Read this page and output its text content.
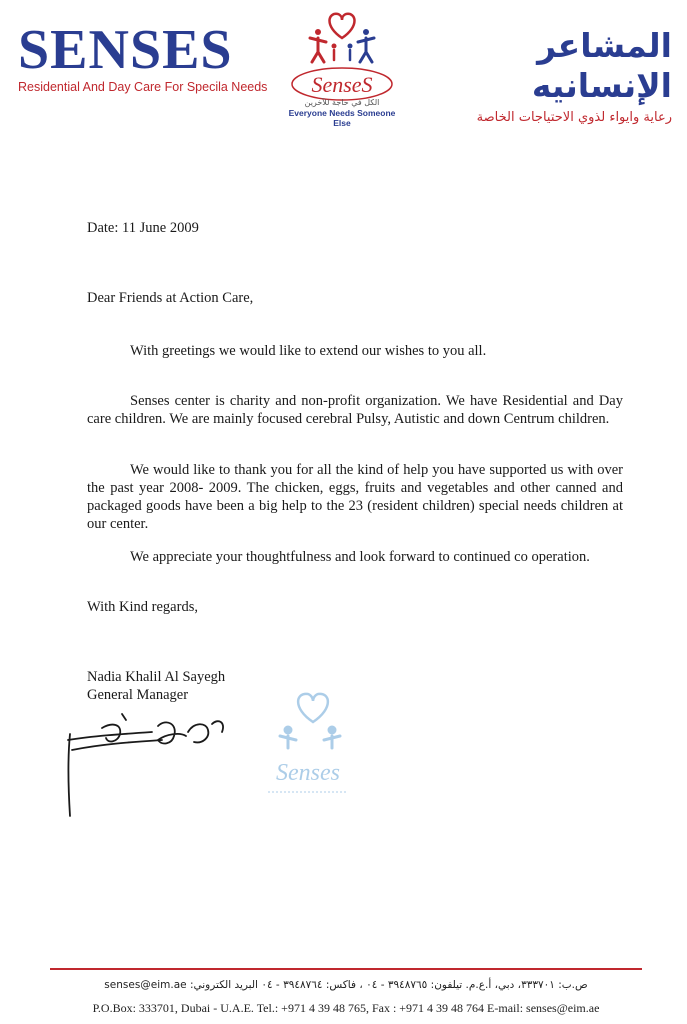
SENSES
Residential And Day Care For Specila Needs SenseS
الكل في حاجة للآخرين
Everyone Needs Someone Else
المشاعر الإنسانيه
رعاية وايواء لذوي الاحتياجات الخاصة
Date: 11 June 2009
Dear Friends at Action Care,
With greetings we would like to extend our wishes to you all.
Senses center is charity and non-profit organization. We have Residential and Day care children. We are mainly focused cerebral Pulsy, Autistic and down Centrum children.
We would like to thank you for all the kind of help you have supported us with over the past year 2008- 2009. The chicken, eggs, fruits and vegetables and other canned and packaged goods have been a big help to the 23 (resident children) special needs children at our center.
We appreciate your thoughtfulness and look forward to continued co operation.
With Kind regards,
Nadia Khalil Al Sayegh
General Manager
Senses
ص.ب: ٣٣٣٧٠١، دبي، أ.ع.م. تيلفون: ٣٩٤٨٧٦٥ - ٠٤ ، فاكس: ٣٩٤٨٧٦٤ - ٠٤ البريد الكتروني: senses@eim.ae
P.O.Box: 333701, Dubai - U.A.E. Tel.: +971 4 39 48 765, Fax : +971 4 39 48 764 E-mail: senses@eim.ae
